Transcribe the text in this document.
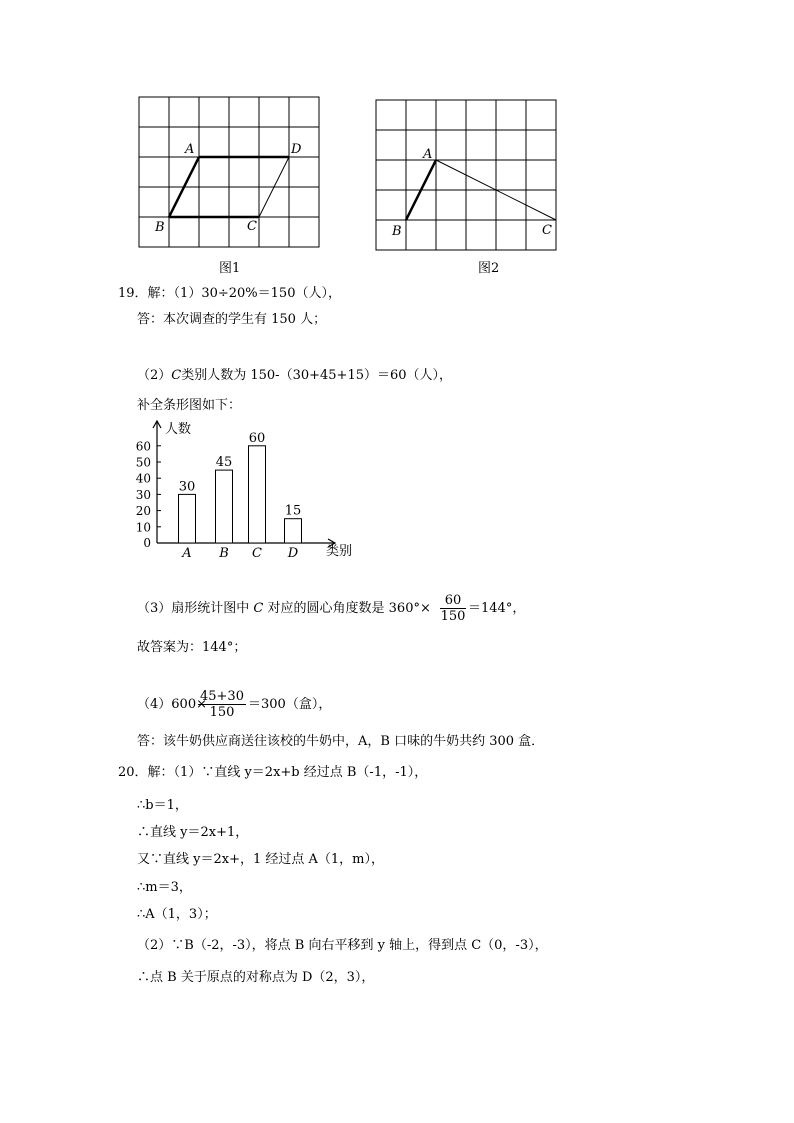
A	D
B	C
A
B	C
图1	图2
19．解：（1）30÷20%＝150（人），
答：本次调查的学生有 150 人；
（2）C类别人数为 150-（30+45+15）＝60（人），
补全条形图如下：
0
10
20
30
40
50
60
A B C D
30
45
60
15
人数
类别
（3）扇形统计图中 C 对应的圆心角度数是 $360^\circ\times \frac{60}{150} =144^\circ$，
故答案为：144°；
（4）600×
$\frac{45+30}{150} =300$（盒），
答：该牛奶供应商送往该校的牛奶中，A，B 口味的牛奶共约 300 盒．
20．解：（1）∵直线 y＝2x+b 经过点 B（-1，-1），
∴b＝1，
∴直线 y＝2x+1，
又∵直线 y＝2x+，1 经过点 A（1，m），
∴m＝3，
∴A（1，3）；
（2）∵B（-2，-3），将点 B 向右平移到 y 轴上，得到点 C（0，-3），
∴点 B 关于原点的对称点为 D（2，3），
